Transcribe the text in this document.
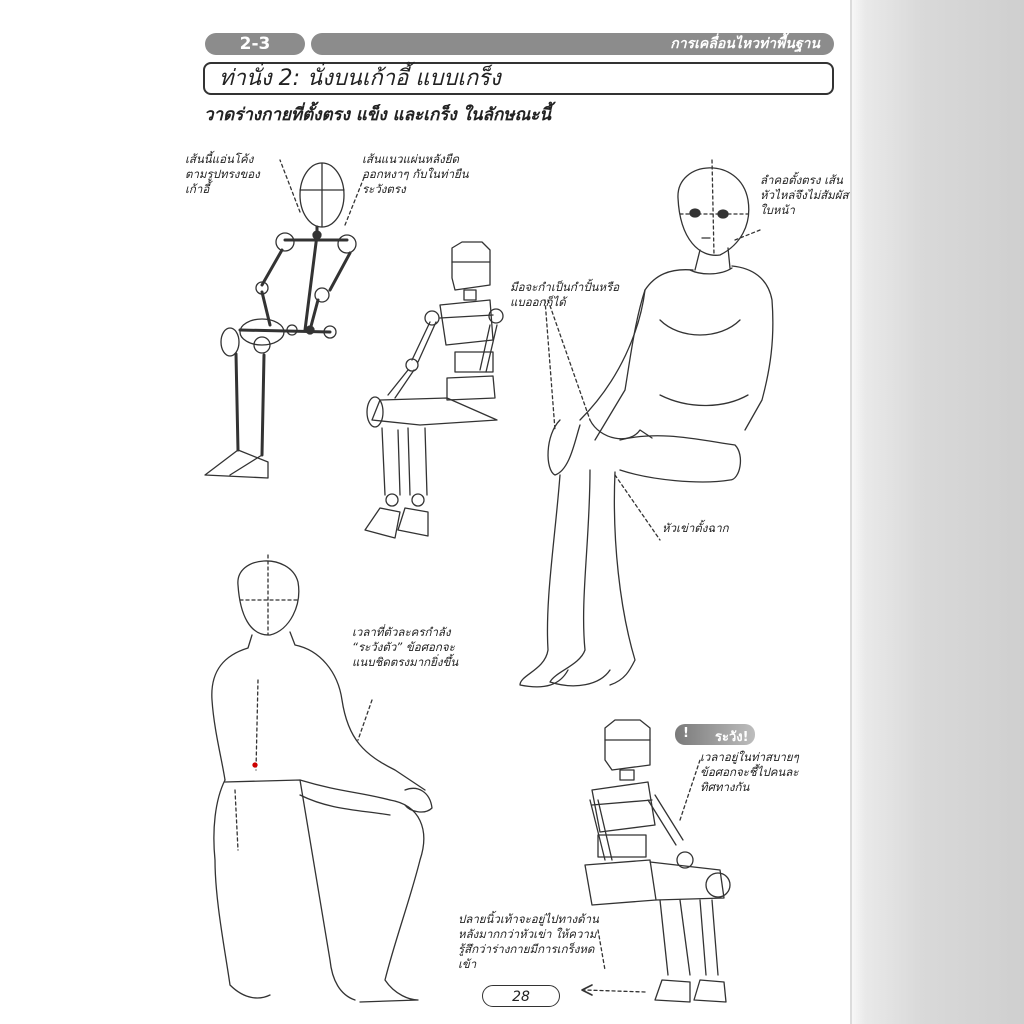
2-3	การเคลื่อนไหวท่าพื้นฐาน
ท่านั่ง 2: นั่งบนเก้าอี้ แบบเกร็ง
วาดร่างกายที่ตั้งตรง แข็ง และเกร็ง ในลักษณะนี้
เส้นนี้แอ่นโค้ง
ตามรูปทรงของ
เก้าอี้
เส้นแนวแผ่นหลังยืด
ออกหงาๆ กับในท่ายืน
ระวังตรง
ลำคอตั้งตรง เส้น
หัวไหล่จึงไม่สัมผัส
ใบหน้า
มือจะกำเป็นกำปั้นหรือ
แบออกก็ได้
หัวเข่าตั้งฉาก
เวลาที่ตัวละครกำลัง
“ระวังตัว” ข้อศอกจะ
แนบชิดตรงมากยิ่งขึ้น
! ระวัง!
เวลาอยู่ในท่าสบายๆ
ข้อศอกจะชี้ไปคนละ
ทิศทางกัน
ปลายนิ้วเท้าจะอยู่ไปทางด้าน
หลังมากกว่าหัวเข่า ให้ความ
รู้สึกว่าร่างกายมีการเกร็งหด
เข้า
28
